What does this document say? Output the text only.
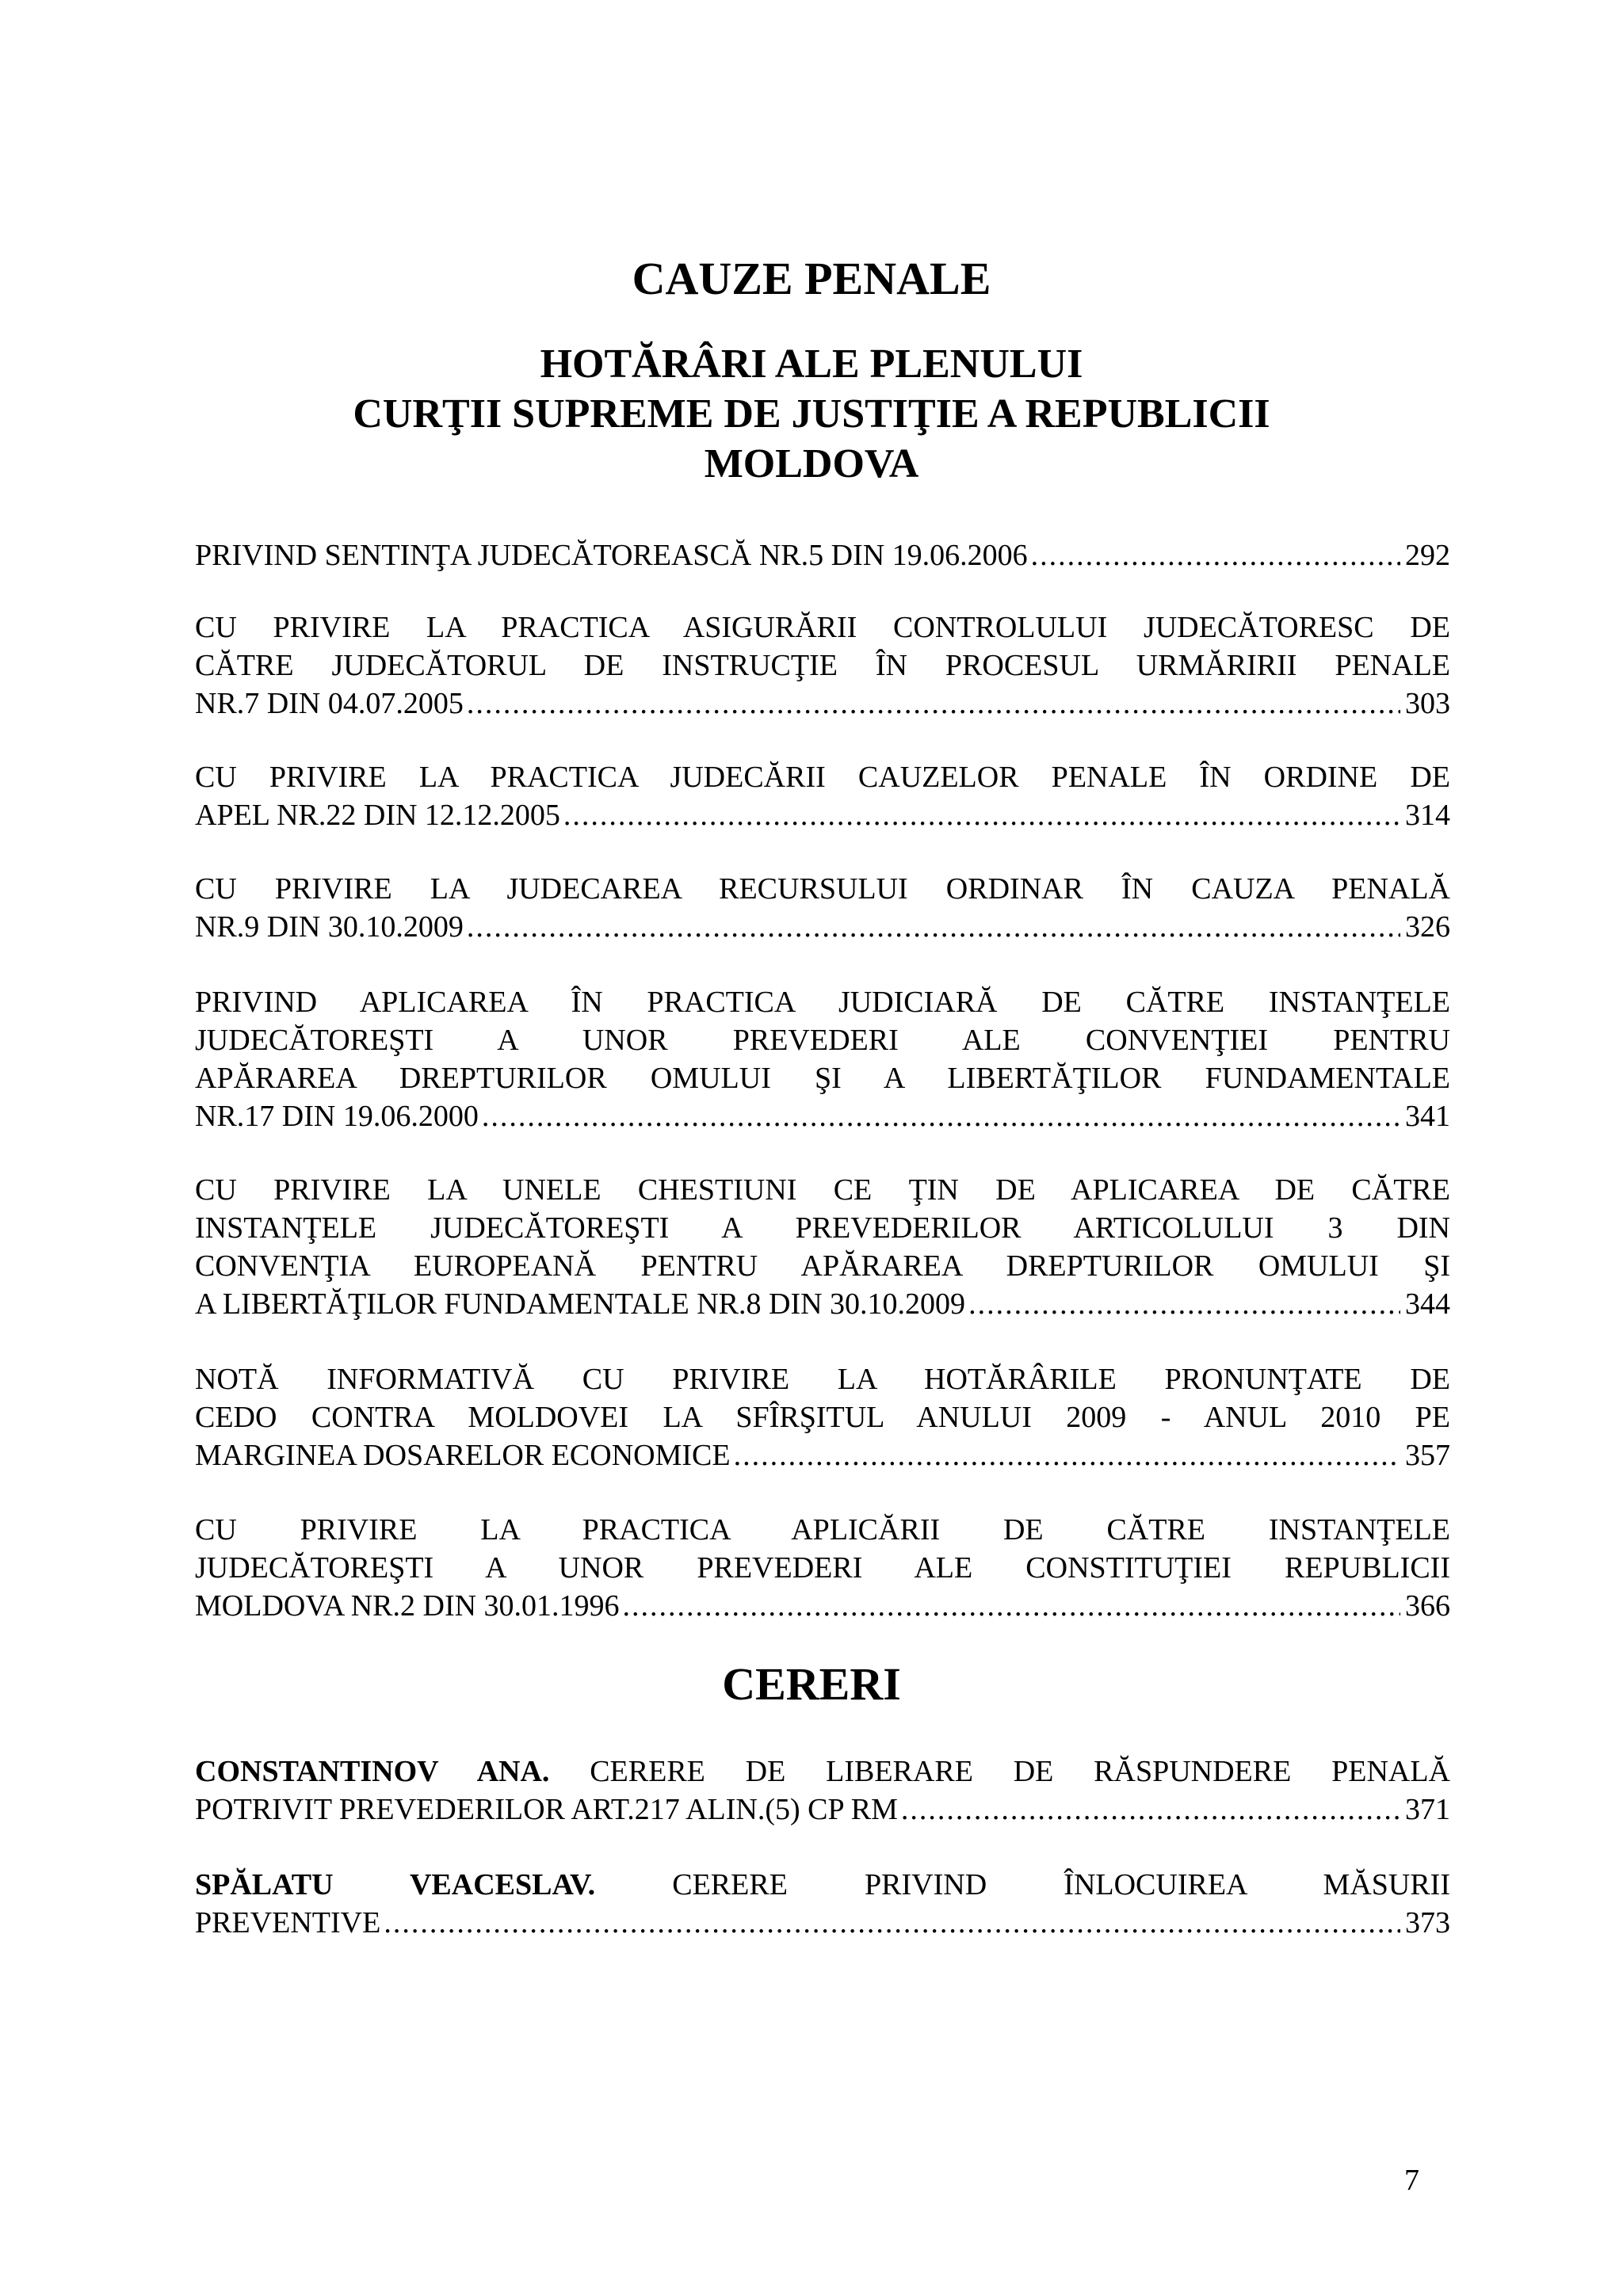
CAUZE PENALE
HOTĂRÂRI ALE PLENULUI
CURŢII SUPREME DE JUSTIŢIE A REPUBLICII
MOLDOVA
PRIVIND SENTINŢA JUDECĂTOREASCĂ NR.5 DIN 19.06.2006 .....	292
CU PRIVIRE LA PRACTICA ASIGURĂRII CONTROLULUI JUDECĂTORESC DE
CĂTRE JUDECĂTORUL DE INSTRUCŢIE ÎN PROCESUL URMĂRIRII PENALE
NR.7 DIN 04.07.2005 .....	303
CU PRIVIRE LA PRACTICA JUDECĂRII CAUZELOR PENALE ÎN ORDINE DE
APEL NR.22 DIN 12.12.2005 .....	314
CU PRIVIRE LA JUDECAREA RECURSULUI ORDINAR ÎN CAUZA PENALĂ
NR.9 DIN 30.10.2009 .....	326
PRIVIND APLICAREA ÎN PRACTICA JUDICIARĂ DE CĂTRE INSTANŢELE
JUDECĂTOREŞTI A UNOR PREVEDERI ALE CONVENŢIEI PENTRU
APĂRAREA DREPTURILOR OMULUI ŞI A LIBERTĂŢILOR FUNDAMENTALE
NR.17 DIN 19.06.2000 .....	341
CU PRIVIRE LA UNELE CHESTIUNI CE ŢIN DE APLICAREA DE CĂTRE
INSTANŢELE JUDECĂTOREŞTI A PREVEDERILOR ARTICOLULUI 3 DIN
CONVENŢIA EUROPEANĂ PENTRU APĂRAREA DREPTURILOR OMULUI ŞI
A LIBERTĂŢILOR FUNDAMENTALE NR.8 DIN 30.10.2009 .....	344
NOTĂ INFORMATIVĂ CU PRIVIRE LA HOTĂRÂRILE PRONUNŢATE DE
CEDO CONTRA MOLDOVEI LA SFÎRŞITUL ANULUI 2009 - ANUL 2010 PE
MARGINEA DOSARELOR ECONOMICE .....	357
CU PRIVIRE LA PRACTICA APLICĂRII DE CĂTRE INSTANŢELE
JUDECĂTOREŞTI A UNOR PREVEDERI ALE CONSTITUŢIEI REPUBLICII
MOLDOVA NR.2 DIN 30.01.1996 .....	366
CONSTANTINOV ANA. CERERE DE LIBERARE DE RĂSPUNDERE PENALĂ
POTRIVIT PREVEDERILOR ART.217 ALIN.(5) CP RM .....	371
SPĂLATU VEACESLAV. CERERE PRIVIND ÎNLOCUIREA MĂSURII
PREVENTIVE .....	373
CERERI
7
